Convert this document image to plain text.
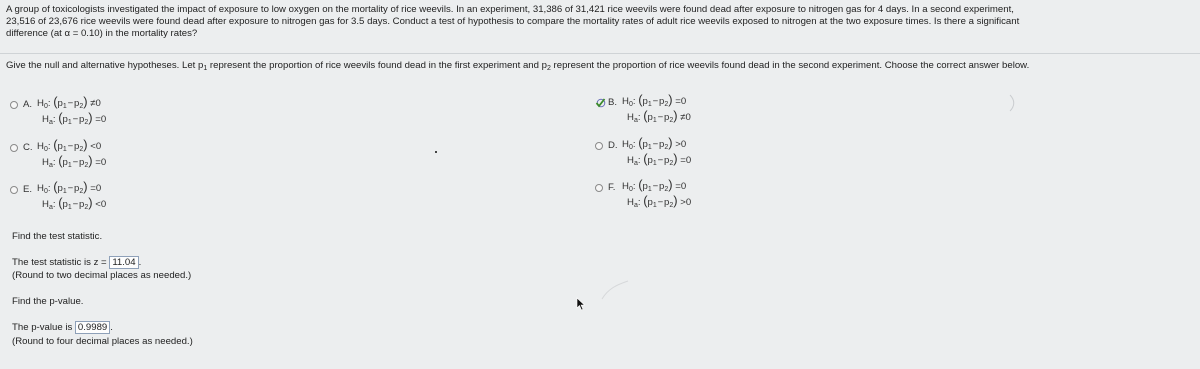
A group of toxicologists investigated the impact of exposure to low oxygen on the mortality of rice weevils. In an experiment, 31,386 of 31,421 rice weevils were found dead after exposure to nitrogen gas for 4 days. In a second experiment,
23,516 of 23,676 rice weevils were found dead after exposure to nitrogen gas for 3.5 days. Conduct a test of hypothesis to compare the mortality rates of adult rice weevils exposed to nitrogen at the two exposure times. Is there a significant
difference (at α = 0.10) in the mortality rates?
Give the null and alternative hypotheses. Let $p_1$ represent the proportion of rice weevils found dead in the first experiment and $p_2$ represent the proportion of rice weevils found dead in the second experiment. Choose the correct answer below.
A. $H_0$: ($p_1$ − $p_2) \ne 0$
$H_a$: ($p_1$ − $p_2) =0$
B. $H_0$: ($p_1$ − $p_2) =0$
$H_a$: ($p_1$ − $p_2) \ne 0$
C. $H_0$: ($p_1$ − $p_2) <0$
$H_a$: ($p_1$ − $p_2) =0$
D. $H_0$: ($p_1$ − $p_2) >0$
$H_a$: ($p_1$ − $p_2) =0$
E. $H_0$: ($p_1$ − $p_2) =0$
$H_a$: ($p_1$ − $p_2) <0$
F. $H_0$: ($p_1$ − $p_2) =0$
$H_a$: ($p_1$ − $p_2) >0$
Find the test statistic.
The test statistic is z = 11.04 .
(Round to two decimal places as needed.)
Find the p-value.
The p-value is 0.9989 .
(Round to four decimal places as needed.)
